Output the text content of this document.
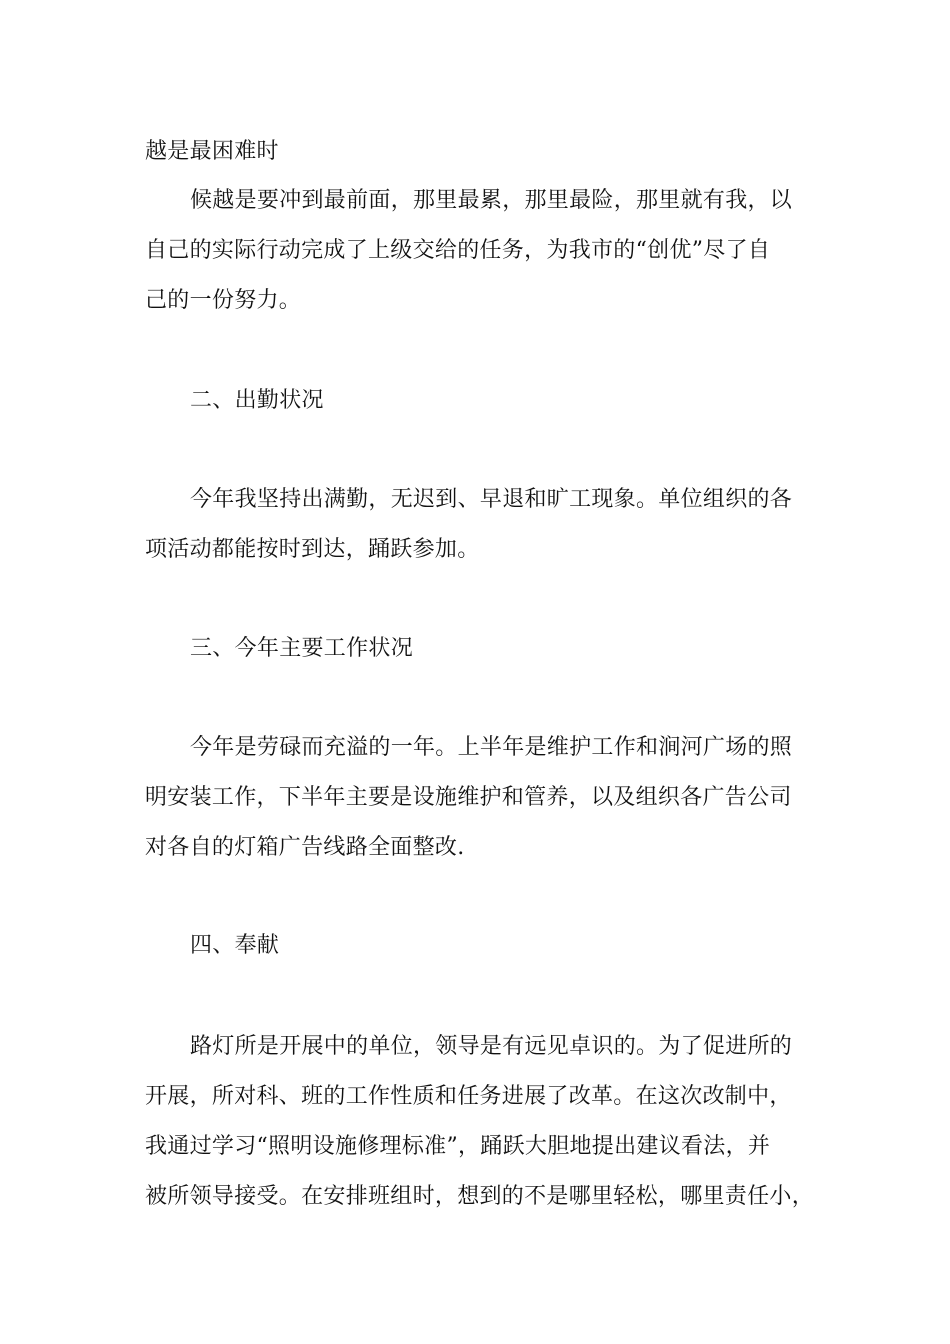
越是最困难时
候越是要冲到最前面，那里最累，那里最险，那里就有我，以
自己的实际行动完成了上级交给的任务，为我市的“创优”尽了自
己的一份努力。
二、出勤状况
今年我坚持出满勤，无迟到、早退和旷工现象。单位组织的各
项活动都能按时到达，踊跃参加。
三、今年主要工作状况
今年是劳碌而充溢的一年。上半年是维护工作和涧河广场的照
明安装工作，下半年主要是设施维护和管养，以及组织各广告公司
对各自的灯箱广告线路全面整改.
四、奉献
路灯所是开展中的单位，领导是有远见卓识的。为了促进所的
开展，所对科、班的工作性质和任务进展了改革。在这次改制中，
我通过学习“照明设施修理标准”，踊跃大胆地提出建议看法，并
被所领导接受。在安排班组时，想到的不是哪里轻松，哪里责任小，
